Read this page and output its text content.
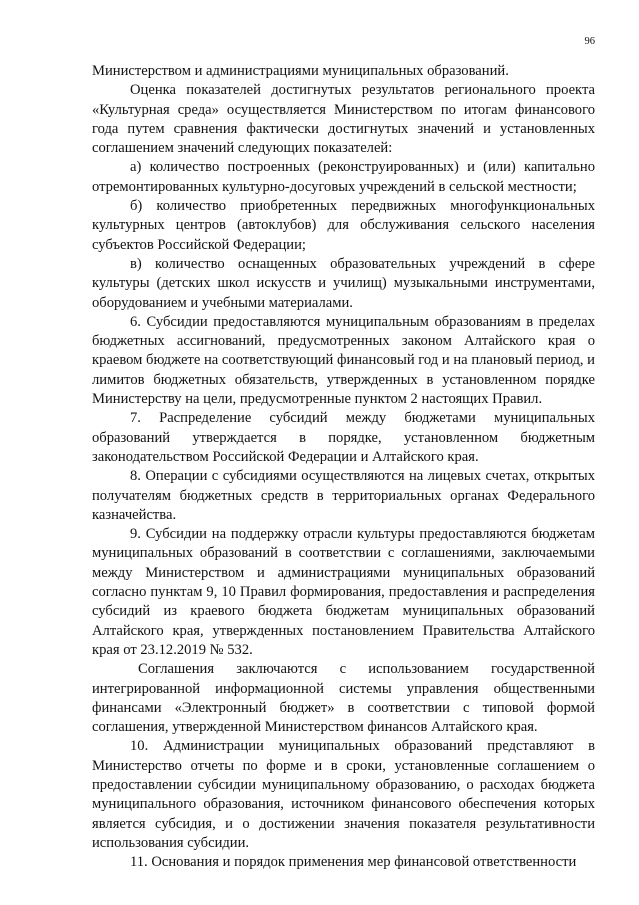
96

Министерством и администрациями муниципальных образований.

Оценка показателей достигнутых результатов регионального проекта «Культурная среда» осуществляется Министерством по итогам финансового года путем сравнения фактически достигнутых значений и установленных соглашением значений следующих показателей:

а) количество построенных (реконструированных) и (или) капитально отремонтированных культурно-досуговых учреждений в сельской местности;

б) количество приобретенных передвижных многофункциональных культурных центров (автоклубов) для обслуживания сельского населения субъектов Российской Федерации;

в) количество оснащенных образовательных учреждений в сфере культуры (детских школ искусств и училищ) музыкальными инструментами, оборудованием и учебными материалами.

6. Субсидии предоставляются муниципальным образованиям в пределах бюджетных ассигнований, предусмотренных законом Алтайского края о краевом бюджете на соответствующий финансовый год и на плановый период, и лимитов бюджетных обязательств, утвержденных в установленном порядке Министерству на цели, предусмотренные пунктом 2 настоящих Правил.

7. Распределение субсидий между бюджетами муниципальных образований утверждается в порядке, установленном бюджетным законодательством Российской Федерации и Алтайского края.

8. Операции с субсидиями осуществляются на лицевых счетах, открытых получателям бюджетных средств в территориальных органах Федерального казначейства.

9. Субсидии на поддержку отрасли культуры предоставляются бюджетам муниципальных образований в соответствии с соглашениями, заключаемыми между Министерством и администрациями муниципальных образований согласно пунктам 9, 10 Правил формирования, предоставления и распределения субсидий из краевого бюджета бюджетам муниципальных образований Алтайского края, утвержденных постановлением Правительства Алтайского края от 23.12.2019 № 532.

Соглашения заключаются с использованием государственной интегрированной информационной системы управления общественными финансами «Электронный бюджет» в соответствии с типовой формой соглашения, утвержденной Министерством финансов Алтайского края.

10. Администрации муниципальных образований представляют в Министерство отчеты по форме и в сроки, установленные соглашением о предоставлении субсидии муниципальному образованию, о расходах бюджета муниципального образования, источником финансового обеспечения которых является субсидия, и о достижении значения показателя результативности использования субсидии.

11. Основания и порядок применения мер финансовой ответственности
